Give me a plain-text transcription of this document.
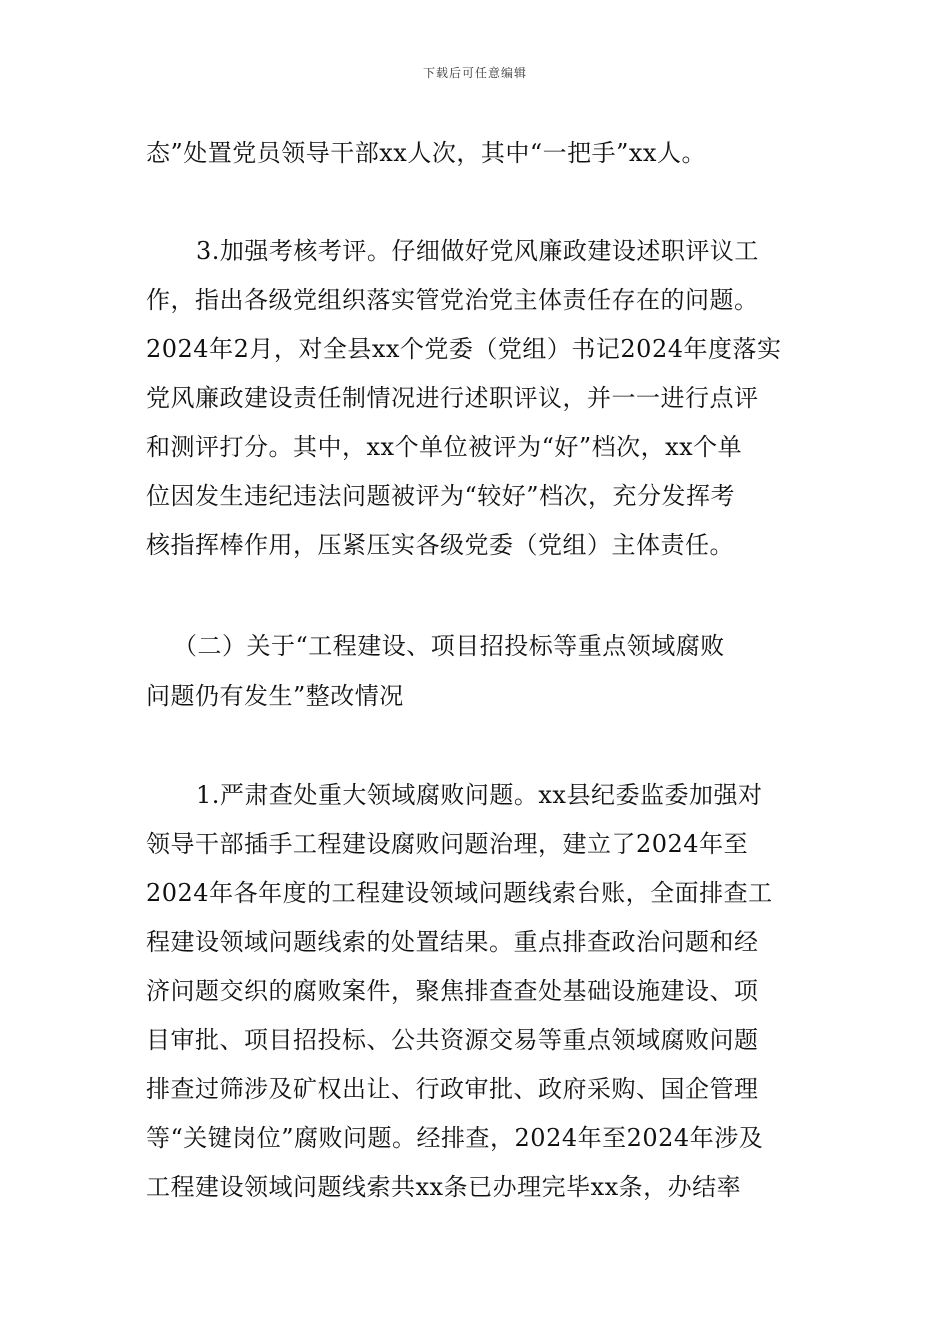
下载后可任意编辑
态”处置党员领导干部xx人次，其中“一把手”xx人。
3.加强考核考评。仔细做好党风廉政建设述职评议工
作，指出各级党组织落实管党治党主体责任存在的问题。
2024年2月，对全县xx个党委（党组）书记2024年度落实
党风廉政建设责任制情况进行述职评议，并一一进行点评
和测评打分。其中，xx个单位被评为“好”档次，xx个单
位因发生违纪违法问题被评为“较好”档次，充分发挥考
核指挥棒作用，压紧压实各级党委（党组）主体责任。
（二）关于“工程建设、项目招投标等重点领域腐败
问题仍有发生”整改情况
1.严肃查处重大领域腐败问题。xx县纪委监委加强对
领导干部插手工程建设腐败问题治理，建立了2024年至
2024年各年度的工程建设领域问题线索台账，全面排查工
程建设领域问题线索的处置结果。重点排查政治问题和经
济问题交织的腐败案件，聚焦排查查处基础设施建设、项
目审批、项目招投标、公共资源交易等重点领域腐败问题
排查过筛涉及矿权出让、行政审批、政府采购、国企管理
等“关键岗位”腐败问题。经排查，2024年至2024年涉及
工程建设领域问题线索共xx条已办理完毕xx条，办结率
